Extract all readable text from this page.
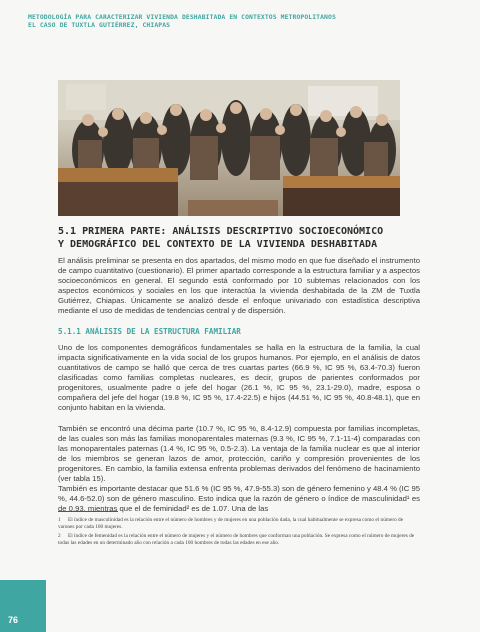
METODOLOGÍA PARA CARACTERIZAR VIVIENDA DESHABITADA EN CONTEXTOS METROPOLITANOS
EL CASO DE TUXTLA GUTIÉRREZ, CHIAPAS
5.1 PRIMERA PARTE: ANÁLISIS DESCRIPTIVO SOCIOECONÓMICO
Y DEMOGRÁFICO DEL CONTEXTO DE LA VIVIENDA DESHABITADA

El análisis preliminar se presenta en dos apartados, del mismo modo en que fue diseñado el instrumento de campo cuantitativo (cuestionario). El primer apartado corresponde a la estructura familiar y a aspectos socioeconómicos en general. El segundo está conformado por 10 subtemas relacionados con los aspectos económicos y sociales en los que interactúa la vivienda deshabitada de la ZM de Tuxtla Gutiérrez, Chiapas. Únicamente se analizó desde el enfoque univariado con estadística descriptiva mediante el uso de medidas de tendencias central y de dispersión.

5.1.1 ANÁLISIS DE LA ESTRUCTURA FAMILIAR

Uno de los componentes demográficos fundamentales se halla en la estructura de la familia, la cual impacta significativamente en la vida social de los grupos humanos. Por ejemplo, en el análisis de datos cuantitativos de campo se halló que cerca de tres cuartas partes (66.9 %, IC 95 %, 63.4-70.3) fueron clasificadas como familias completas nucleares, es decir, grupos de parientes conformados por progenitores, usualmente padre o jefe del hogar (26.1 %, IC 95 %, 23.1-29.0), madre, esposa o compañera del jefe del hogar (19.8 %, IC 95 %, 17.4-22.5) e hijos (44.51 %, IC 95 %, 40.8-48.1), que en conjunto habitan en la vivienda.

También se encontró una décima parte (10.7 %, IC 95 %, 8.4-12.9) compuesta por familias incompletas, de las cuales son más las familias monoparentales maternas (9.3 %, IC 95 %, 7.1-11-4) comparadas con las monoparentales paternas (1.4 %, IC 95 %, 0.5-2.3). La ventaja de la familia nuclear es que al interior de los miembros se generan lazos de amor, protección, cariño y compresión provenientes de los progenitores. En cambio, la familia extensa enfrenta problemas derivados del fenómeno de hacinamiento (ver tabla 15).

También es importante destacar que 51.6 % (IC 95 %, 47.9-55.3) son de género femenino y 48.4 % (IC 95 %, 44.6-52.0) son de género masculino. Esto indica que la razón de género o índice de masculinidad¹ es de 0.93, mientras que el de feminidad² es de 1.07. Una de las

1 El índice de masculinidad es la relación entre el número de hombres y de mujeres en una población dada, la cual habitualmente se expresa como el número de varones por cada 100 mujeres.

2 El índice de femenidad es la relación entre el número de mujeres y el número de hombres que conforman una población. Se expresa como el número de mujeres de todas las edades en un determinado año con relación a cada 100 hombres de todas las edades en ese año.

76
